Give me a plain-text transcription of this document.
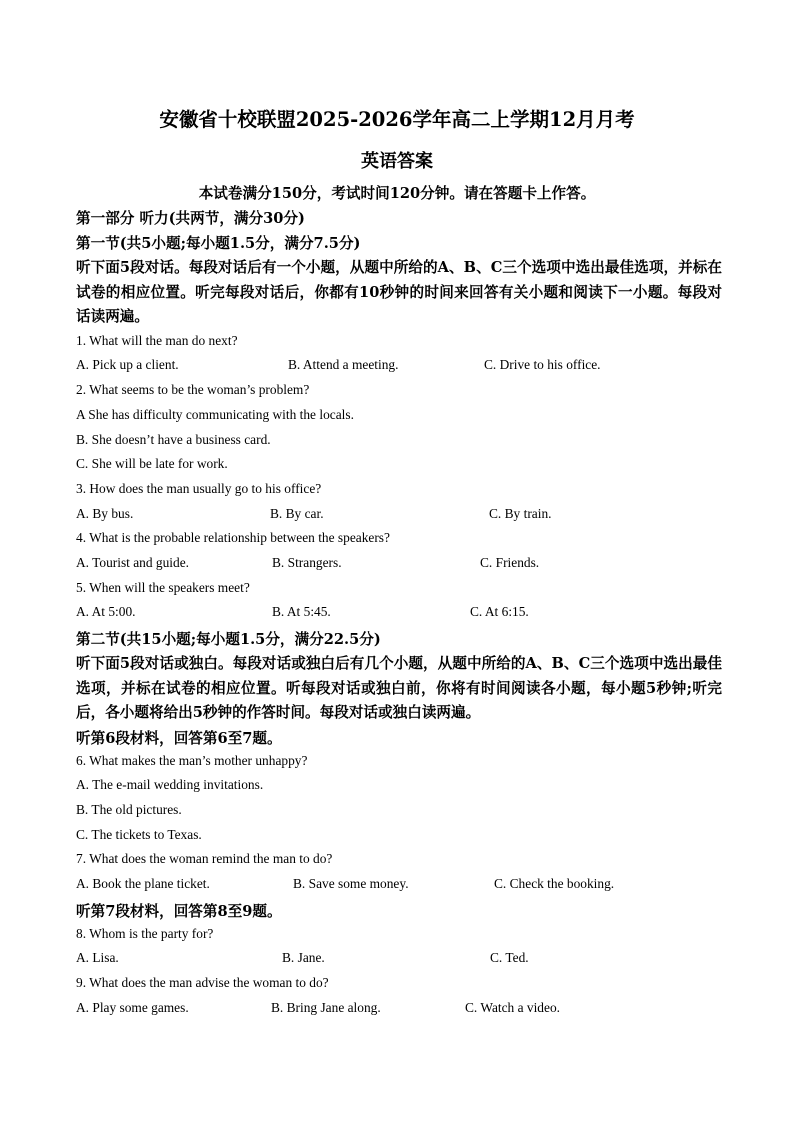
安徽省十校联盟2025-2026学年高二上学期12月月考
英语答案
本试卷满分150分，考试时间120分钟。请在答题卡上作答。
第一部分 听力(共两节，满分30分)
第一节(共5小题;每小题1.5分，满分7.5分)
听下面5段对话。每段对话后有一个小题，从题中所给的A、B、C三个选项中选出最佳选项，并标在试卷的相应位置。听完每段对话后，你都有10秒钟的时间来回答有关小题和阅读下一小题。每段对话读两遍。
1. What will the man do next?
A. Pick up a client.	B. Attend a meeting.	C. Drive to his office.
2. What seems to be the woman’s problem?
A She has difficulty communicating with the locals.
B. She doesn’t have a business card.
C. She will be late for work.
3. How does the man usually go to his office?
A. By bus.	B. By car.	C. By train.
4. What is the probable relationship between the speakers?
A. Tourist and guide.	B. Strangers.	C. Friends.
5. When will the speakers meet?
A. At 5:00.	B. At 5:45.	C. At 6:15.
第二节(共15小题;每小题1.5分，满分22.5分)
听下面5段对话或独白。每段对话或独白后有几个小题，从题中所给的A、B、C三个选项中选出最佳选项，并标在试卷的相应位置。听每段对话或独白前，你将有时间阅读各小题，每小题5秒钟;听完后，各小题将给出5秒钟的作答时间。每段对话或独白读两遍。
听第6段材料，回答第6至7题。
6. What makes the man’s mother unhappy?
A. The e-mail wedding invitations.
B. The old pictures.
C. The tickets to Texas.
7. What does the woman remind the man to do?
A. Book the plane ticket.	B. Save some money.	C. Check the booking.
听第7段材料，回答第8至9题。
8. Whom is the party for?
A. Lisa.	B. Jane.	C. Ted.
9. What does the man advise the woman to do?
A. Play some games.	B. Bring Jane along.	C. Watch a video.
